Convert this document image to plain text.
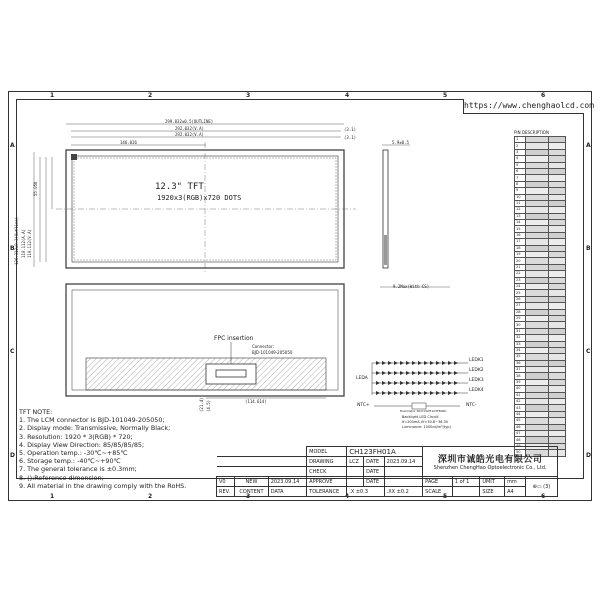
1	2	3	4	5	6
1	2	3	4	5	6
A
B
C
D
A
B
C
D
https://www.chenghaolcd.com
299.832±0.5(OUTLINE)
292.032(V.A)
292.032(V.A)
146.016
(3.1)
(3.1)
120.312±0.3(Outline) 110.112(A.A) 110.112(V.A)
55.056	12.3" TFT
1920x3(RGB)x720 DOTS
5.9±0.5
9.2Max(With CS)
FPC insertion
Connector:
BJD-101049-205050
(114.614)
(21.4) (4.5)
LEDK1
LEDK2
LEDK3
LEDK4
LEDA
NTC+	NTC-
thermistor NCU15XH103F6SRC
Backlight LED Circuit
If=200mA,Vf=30.8~36.3V
Luminance: 1000cd/m²(typ)
PIN DESCRIPTION
1		
2		
3		
4		
5		
6		
7		
8		
9		
10		
11		
12		
13		
14		
15		
16		
17		
18		
19		
20		
21		
22		
23		
24		
25		
26		
27		
28		
29		
30		
31		
32		
33		
34		
35		
36		
37		
38		
39		
40		
41		
42		
43		
44		
45		
46		
47		
48		
49		
50		
TFT NOTE:
1. The LCM connector is BJD-101049-205050;
2. Display mode: Transmissive, Normally Black;
3. Resolution: 1920 * 3(RGB) * 720;
4. Display View Direction: 85/85/85/85;
5. Operation temp.: -30℃~+85℃
6. Storage temp.: -40℃~+90℃
7. The general tolerance is ±0.3mm;
8. ():Reference dimension;
9. All material in the drawing comply with the RoHS.
			MODEL	CH123FH01A			深圳市诚皓光电有限公司
Shenzhen ChengHao Optoelectronic Co., Ltd.				

			DRAWING	LCZ	DATE	2023.09.14					
			CHECK		DATE						
V0	NEW	2023.09.14	APPROVE		DATE		PAGE	1 of 1	UMIT	mm	⊕▭ (3)
REV.	CONTENT	DATA	TOLERANCE	.X ±0.3		.XX ±0.2	SCALE		SIZE	A4	
